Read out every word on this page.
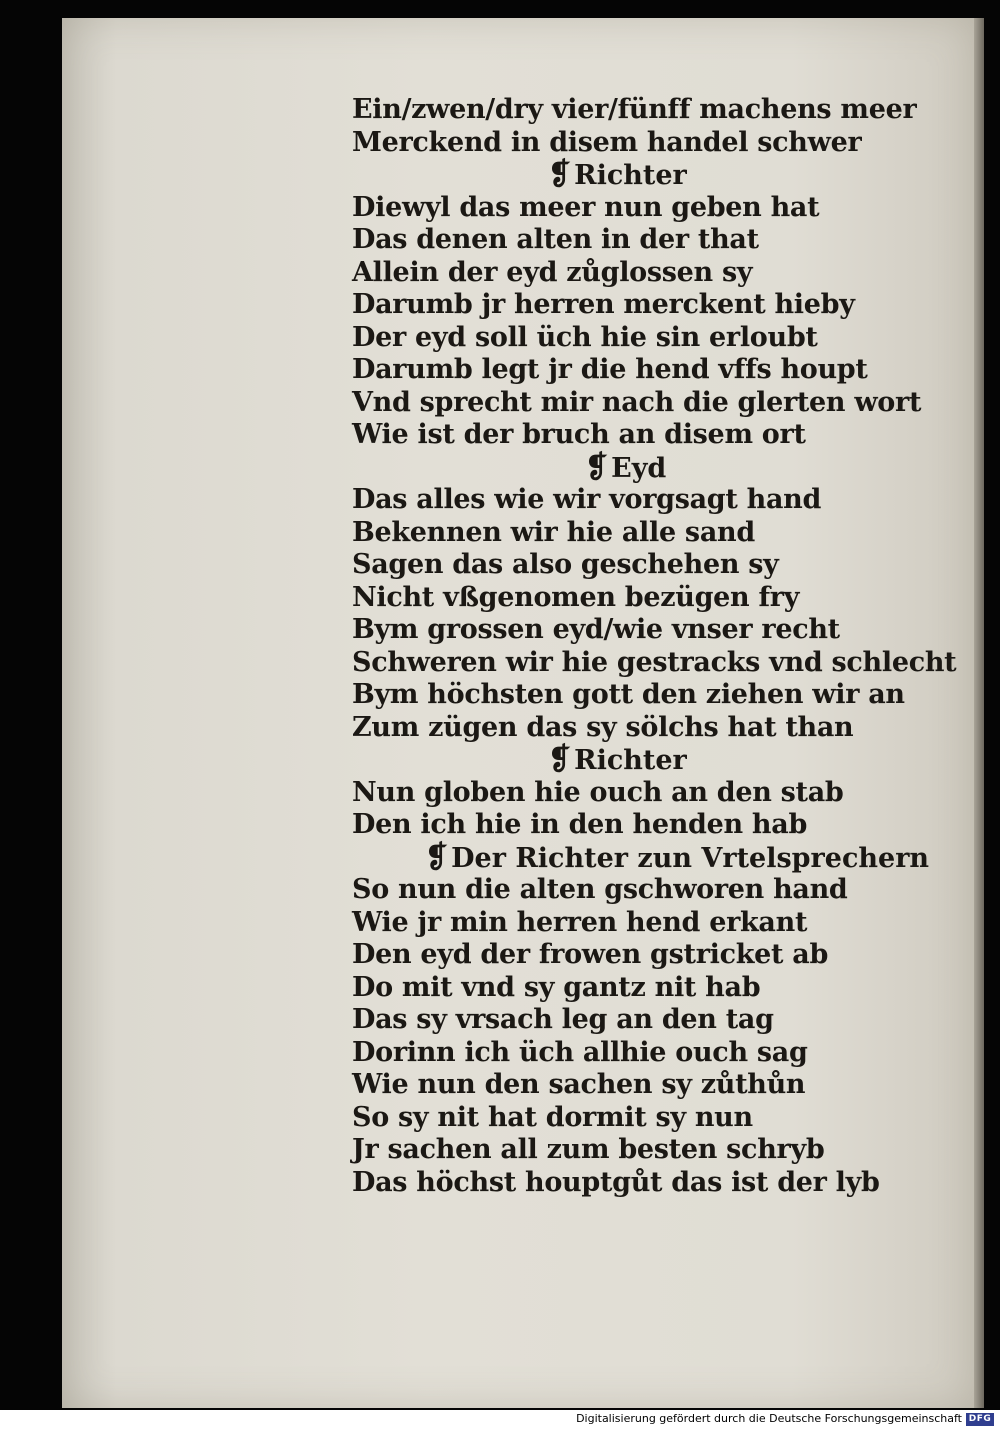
Ein/zwen/dry vier/fünff machens meer
Merckend in disem handel schwer
❡ Richter
Diewyl das meer nun geben hat
Das denen alten in der that
Allein der eyd zůglossen sy
Darumb jr herren merckent hieby
Der eyd soll üch hie sin erloubt
Darumb legt jr die hend vffs houpt
Vnd sprecht mir nach die glerten wort
Wie ist der bruch an disem ort
❡ Eyd
Das alles wie wir vorgsagt hand
Bekennen wir hie alle sand
Sagen das also geschehen sy
Nicht vßgenomen bezügen fry
Bym grossen eyd/wie vnser recht
Schweren wir hie gestracks vnd schlecht
Bym höchsten gott den ziehen wir an
Zum zügen das sy sölchs hat than
❡ Richter
Nun globen hie ouch an den stab
Den ich hie in den henden hab
❡ Der Richter zun Vrtelsprechern
So nun die alten gschworen hand
Wie jr min herren hend erkant
Den eyd der frowen gstricket ab
Do mit vnd sy gantz nit hab
Das sy vrsach leg an den tag
Dorinn ich üch allhie ouch sag
Wie nun den sachen sy zůthůn
So sy nit hat dormit sy nun
Jr sachen all zum besten schryb
Das höchst houptgůt das ist der lyb
Digitalisierung gefördert durch die Deutsche Forschungsgemeinschaft DFG
